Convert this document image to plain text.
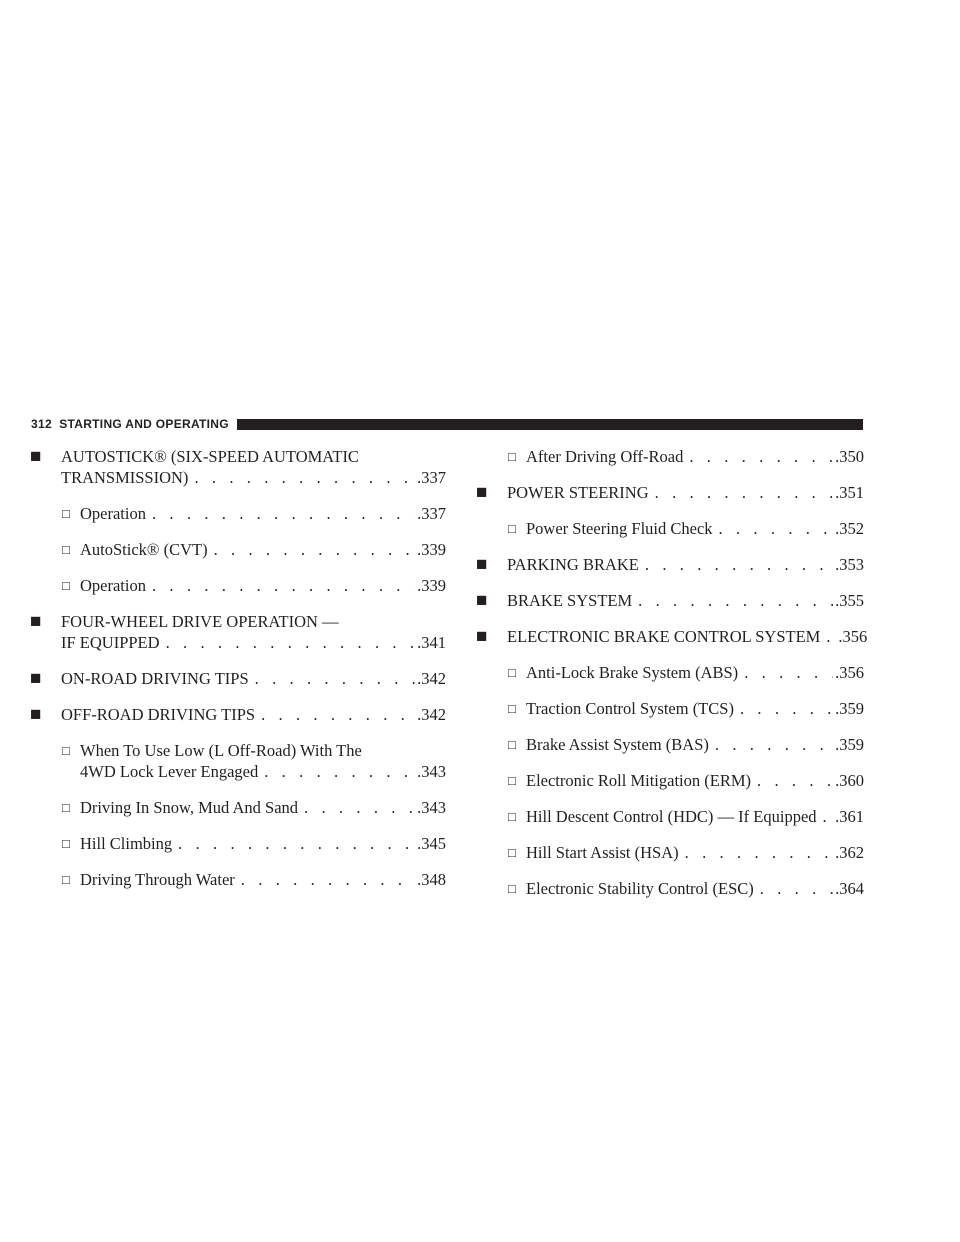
312 STARTING AND OPERATING
■ AUTOSTICK® (SIX-SPEED AUTOMATIC
TRANSMISSION) . . .	.337
□ Operation . . .	.337
□ AutoStick® (CVT) . . .	.339
□ Operation . . .	.339
■ FOUR-WHEEL DRIVE OPERATION —
IF EQUIPPED . . .	.341
■ ON-ROAD DRIVING TIPS . . .	.342
■ OFF-ROAD DRIVING TIPS . . .	.342
□ When To Use Low (L Off-Road) With The
4WD Lock Lever Engaged . . .	.343
□ Driving In Snow, Mud And Sand . . .	.343
□ Hill Climbing . . .	.345
□ Driving Through Water . . .	.348
□ After Driving Off-Road . . .	.350
■ POWER STEERING . . .	.351
□ Power Steering Fluid Check . . .	.352
■ PARKING BRAKE . . .	.353
■ BRAKE SYSTEM . . .	.355
■ ELECTRONIC BRAKE CONTROL SYSTEM . . . .356
□ Anti-Lock Brake System (ABS) . . .	.356
□ Traction Control System (TCS) . . .	.359
□ Brake Assist System (BAS) . . .	.359
□ Electronic Roll Mitigation (ERM) . . .	.360
□ Hill Descent Control (HDC) — If Equipped . . . .361
□ Hill Start Assist (HSA) . . .	.362
□ Electronic Stability Control (ESC) . . .	.364
